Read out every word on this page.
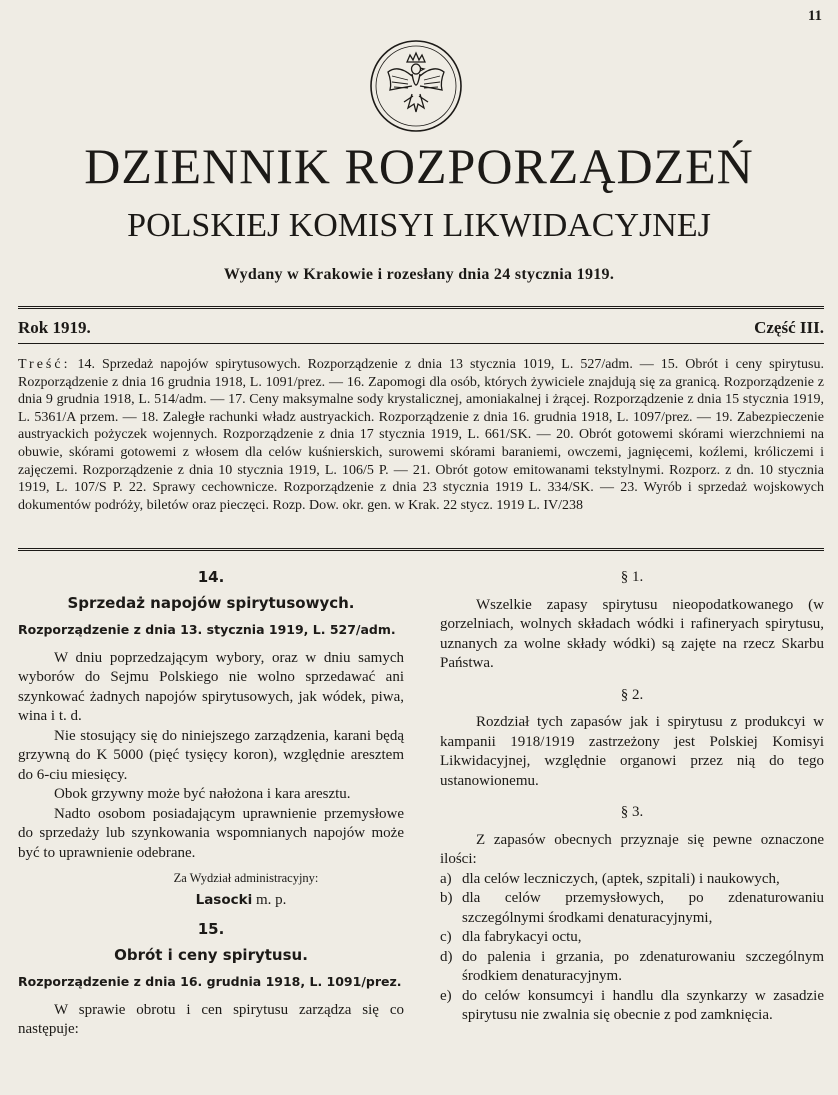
11
DZIENNIK ROZPORZĄDZEŃ
POLSKIEJ KOMISYI LIKWIDACYJNEJ
Wydany w Krakowie i rozesłany dnia 24 stycznia 1919.
Rok 1919.	Część III.
Treść: 14. Sprzedaż napojów spirytusowych. Rozporządzenie z dnia 13 stycznia 1019, L. 527/adm. — 15. Obrót i ceny spirytusu. Rozporządzenie z dnia 16 grudnia 1918, L. 1091/prez. — 16. Zapomogi dla osób, których żywiciele znajdują się za granicą. Rozporządzenie z dnia 9 grudnia 1918, L. 514/adm. — 17. Ceny maksymalne sody krystalicznej, amoniakalnej i żrącej. Rozporządzenie z dnia 15 stycznia 1919, L. 5361/A przem. — 18. Zaległe rachunki władz austryackich. Rozporządzenie z dnia 16. grudnia 1918, L. 1097/prez. — 19. Zabezpieczenie austryackich pożyczek wojennych. Rozporządzenie z dnia 17 stycznia 1919, L. 661/SK. — 20. Obrót gotowemi skórami wierzchniemi na obuwie, skórami gotowemi z włosem dla celów kuśnierskich, surowemi skórami baraniemi, owczemi, jagnięcemi, koźlemi, króliczemi i zajęczemi. Rozporządzenie z dnia 10 stycznia 1919, L. 106/5 P. — 21. Obrót gotow emitowanami tekstylnymi. Rozporz. z dn. 10 stycznia 1919, L. 107/S P. 22. Sprawy cechownicze. Rozporządzenie z dnia 23 stycznia 1919 L. 334/SK. — 23. Wyrób i sprzedaż wojskowych dokumentów podróży, biletów oraz pieczęci. Rozp. Dow. okr. gen. w Krak. 22 stycz. 1919 L. IV/238
14.
Sprzedaż napojów spirytusowych.
Rozporządzenie z dnia 13. stycznia 1919, L. 527/adm.

W dniu poprzedzającym wybory, oraz w dniu samych wyborów do Sejmu Polskiego nie wolno sprzedawać ani szynkować żadnych napojów spirytusowych, jak wódek, piwa, wina i t. d.

Nie stosujący się do niniejszego zarządzenia, karani będą grzywną do K 5000 (pięć tysięcy koron), względnie aresztem do 6-ciu miesięcy.

Obok grzywny może być nałożona i kara aresztu.

Nadto osobom posiadającym uprawnienie przemysłowe do sprzedaży lub szynkowania wspomnianych napojów może być to uprawnienie odebrane.

Za Wydział administracyjny:
Lasocki m. p.
15.
Obrót i ceny spirytusu.
Rozporządzenie z dnia 16. grudnia 1918, L. 1091/prez.

W sprawie obrotu i cen spirytusu zarządza się co następuje:

§ 1.

Wszelkie zapasy spirytusu nieopodatkowanego (w gorzelniach, wolnych składach wódki i rafineryach spirytusu, uznanych za wolne składy wódki) są zajęte na rzecz Skarbu Państwa.

§ 2.

Rozdział tych zapasów jak i spirytusu z produkcyi w kampanii 1918/1919 zastrzeżony jest Polskiej Komisyi Likwidacyjnej, względnie organowi przez nią do tego ustanowionemu.

§ 3.

Z zapasów obecnych przyznaje się pewne oznaczone ilości:

a) dla celów leczniczych, (aptek, szpitali) i naukowych,
b) dla celów przemysłowych, po zdenaturowaniu szczególnymi środkami denaturacyjnymi,
c) dla fabrykacyi octu,
d) do palenia i grzania, po zdenaturowaniu szczególnym środkiem denaturacyjnym.
e) do celów konsumcyi i handlu dla szynkarzy w zasadzie spirytusu nie zwalnia się obecnie z pod zamknięcia.
